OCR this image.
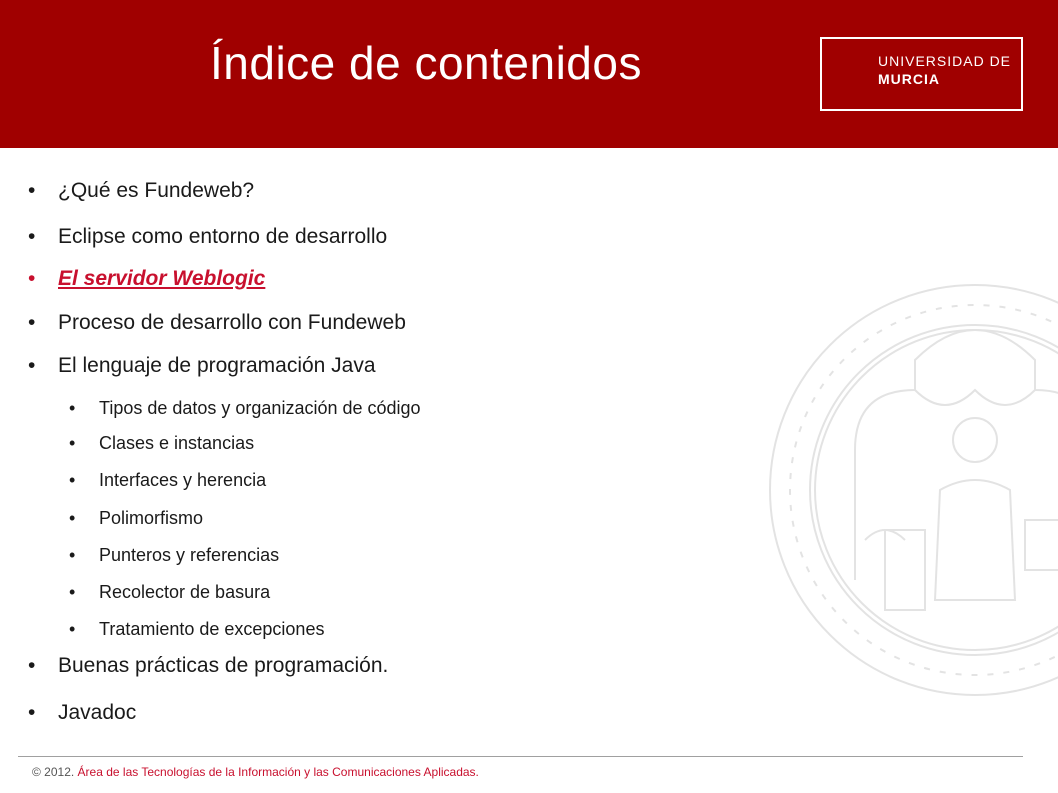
Índice de contenidos	UNIVERSIDAD DE
MURCIA
• ¿Qué es Fundeweb?
• Eclipse como entorno de desarrollo
• El servidor Weblogic
• Proceso de desarrollo con Fundeweb
• El lenguaje de programación Java
• Tipos de datos y organización de código
• Clases e instancias
• Interfaces y herencia
• Polimorfismo
• Punteros y referencias
• Recolector de basura
• Tratamiento de excepciones
• Buenas prácticas de programación.
• Javadoc
© 2012. Área de las Tecnologías de la Información y las Comunicaciones Aplicadas.
